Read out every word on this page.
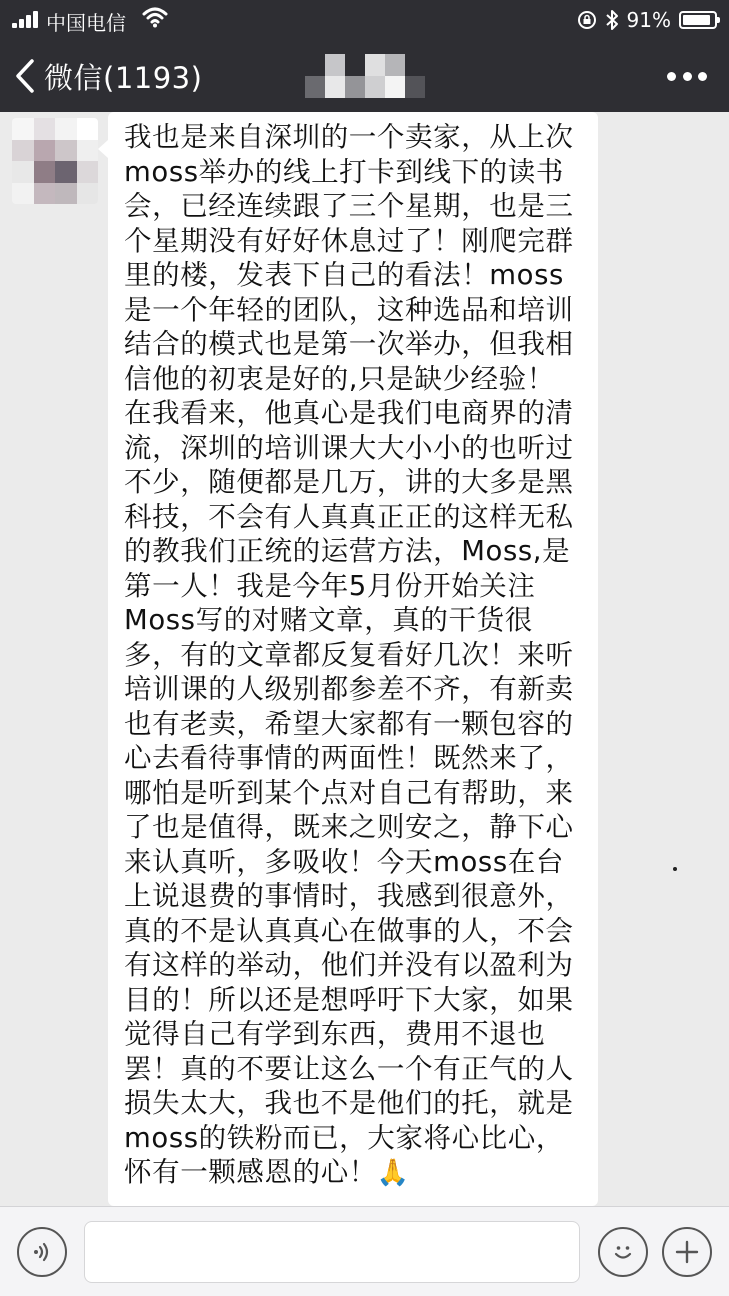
中国电信	91%
微信(1193)

我也是来自深圳的一个卖家，从上次
moss举办的线上打卡到线下的读书
会，已经连续跟了三个星期，也是三
个星期没有好好休息过了！刚爬完群
里的楼，发表下自己的看法！moss
是一个年轻的团队，这种选品和培训
结合的模式也是第一次举办，但我相
信他的初衷是好的,只是缺少经验！
在我看来，他真心是我们电商界的清
流，深圳的培训课大大小小的也听过
不少，随便都是几万，讲的大多是黑
科技，不会有人真真正正的这样无私
的教我们正统的运营方法，Moss,是
第一人！我是今年5月份开始关注
Moss写的对赌文章，真的干货很
多，有的文章都反复看好几次！来听
培训课的人级别都参差不齐，有新卖
也有老卖，希望大家都有一颗包容的
心去看待事情的两面性！既然来了，
哪怕是听到某个点对自己有帮助，来
了也是值得，既来之则安之，静下心
来认真听，多吸收！今天moss在台
上说退费的事情时，我感到很意外，
真的不是认真真心在做事的人，不会
有这样的举动，他们并没有以盈利为
目的！所以还是想呼吁下大家，如果
觉得自己有学到东西，费用不退也
罢！真的不要让这么一个有正气的人
损失太大，我也不是他们的托，就是
moss的铁粉而已，大家将心比心，
怀有一颗感恩的心！🙏
